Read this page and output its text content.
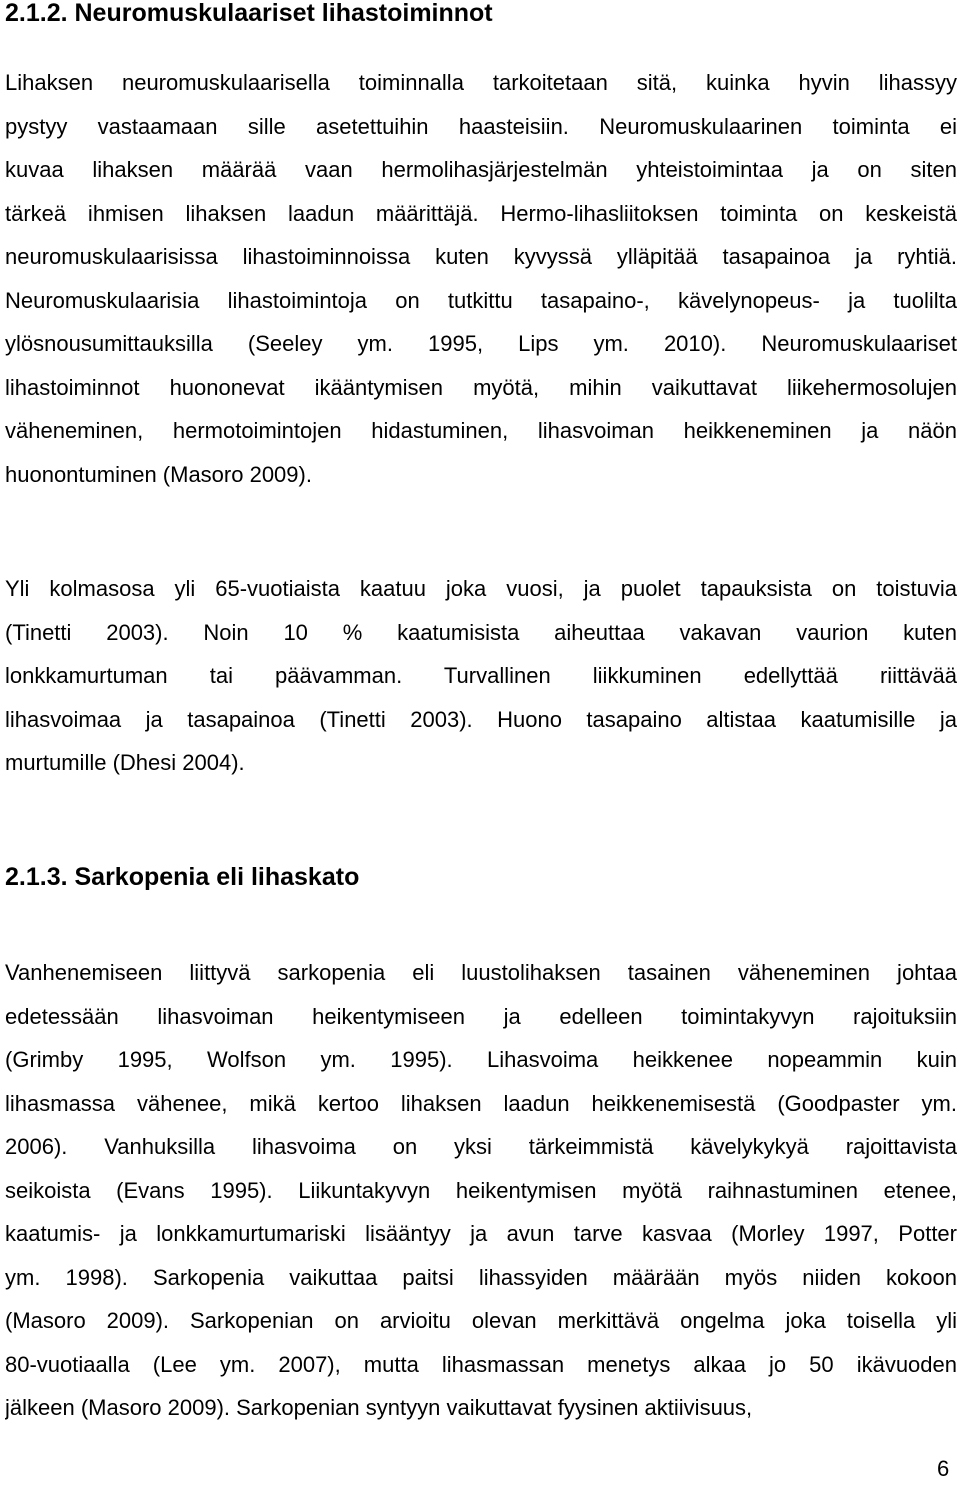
2.1.2. Neuromuskulaariset lihastoiminnot
Lihaksen neuromuskulaarisella toiminnalla tarkoitetaan sitä, kuinka hyvin lihassyy
pystyy vastaamaan sille asetettuihin haasteisiin. Neuromuskulaarinen toiminta ei
kuvaa lihaksen määrää vaan hermolihasjärjestelmän yhteistoimintaa ja on siten
tärkeä ihmisen lihaksen laadun määrittäjä. Hermo-lihasliitoksen toiminta on keskeistä
neuromuskulaarisissa lihastoiminnoissa kuten kyvyssä ylläpitää tasapainoa ja ryhtiä.
Neuromuskulaarisia lihastoimintoja on tutkittu tasapaino-, kävelynopeus- ja tuolilta
ylösnousumittauksilla (Seeley ym. 1995, Lips ym. 2010). Neuromuskulaariset
lihastoiminnot huononevat ikääntymisen myötä, mihin vaikuttavat liikehermosolujen
väheneminen, hermotoimintojen hidastuminen, lihasvoiman heikkeneminen ja näön
huonontuminen (Masoro 2009).
Yli kolmasosa yli 65-vuotiaista kaatuu joka vuosi, ja puolet tapauksista on toistuvia
(Tinetti 2003). Noin 10 % kaatumisista aiheuttaa vakavan vaurion kuten
lonkkamurtuman tai päävamman. Turvallinen liikkuminen edellyttää riittävää
lihasvoimaa ja tasapainoa (Tinetti 2003). Huono tasapaino altistaa kaatumisille ja
murtumille (Dhesi 2004).
2.1.3. Sarkopenia eli lihaskato
Vanhenemiseen liittyvä sarkopenia eli luustolihaksen tasainen väheneminen johtaa
edetessään lihasvoiman heikentymiseen ja edelleen toimintakyvyn rajoituksiin
(Grimby 1995, Wolfson ym. 1995). Lihasvoima heikkenee nopeammin kuin
lihasmassa vähenee, mikä kertoo lihaksen laadun heikkenemisestä (Goodpaster ym.
2006). Vanhuksilla lihasvoima on yksi tärkeimmistä kävelykykyä rajoittavista
seikoista (Evans 1995). Liikuntakyvyn heikentymisen myötä raihnastuminen etenee,
kaatumis- ja lonkkamurtumariski lisääntyy ja avun tarve kasvaa (Morley 1997, Potter
ym. 1998). Sarkopenia vaikuttaa paitsi lihassyiden määrään myös niiden kokoon
(Masoro 2009). Sarkopenian on arvioitu olevan merkittävä ongelma joka toisella yli
80-vuotiaalla (Lee ym. 2007), mutta lihasmassan menetys alkaa jo 50 ikävuoden
jälkeen (Masoro 2009). Sarkopenian syntyyn vaikuttavat fyysinen aktiivisuus,

6
